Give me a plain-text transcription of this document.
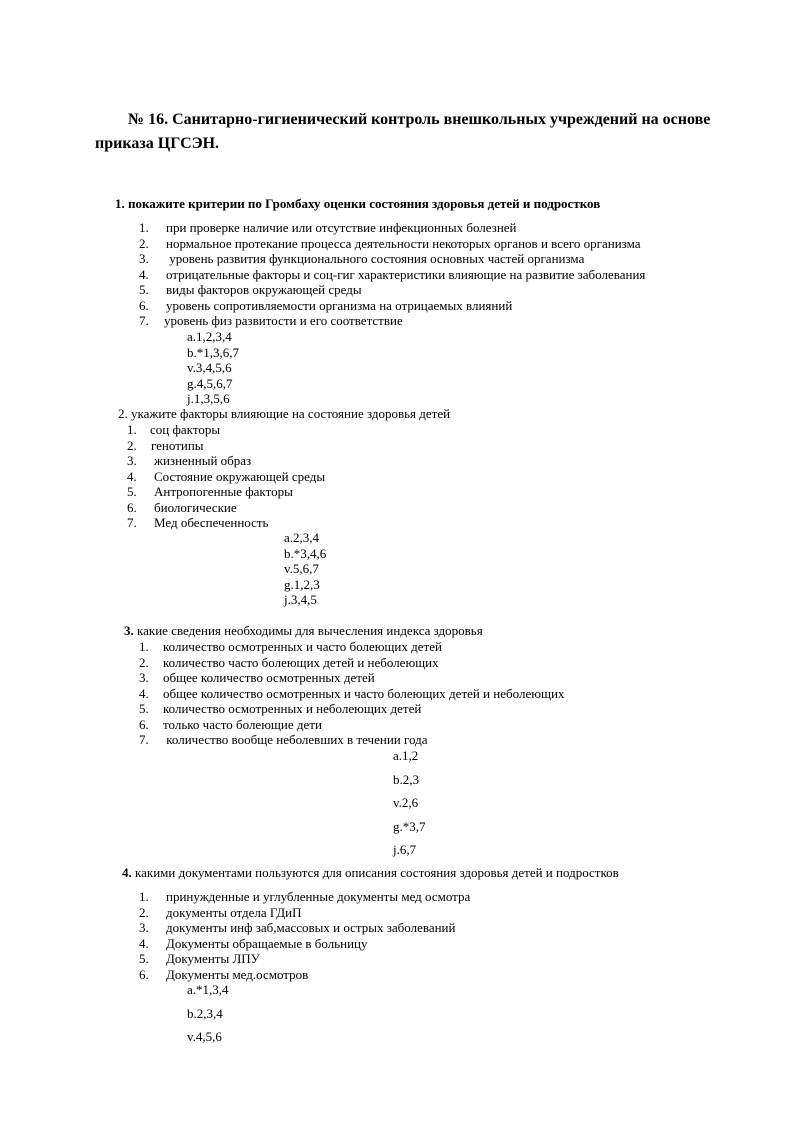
№ 16. Санитарно-гигиенический контроль внешкольных учреждений на основе приказа ЦГСЭН.
1. покажите критерии по Громбаху оценки состояния здоровья детей и подростков
1. при проверке наличие или отсутствие инфекционных болезней
2. нормальное протекание процесса деятельности некоторых органов и всего организма
3. уровень развития функционального состояния основных частей организма
4. отрицательные факторы и соц-гиг характеристики влияющие на развитие заболевания
5. виды факторов окружающей среды
6. уровень сопротивляемости организма на отрицаемых влияний
7. уровень физ развитости и его соответствие
a.1,2,3,4
b.*1,3,6,7
v.3,4,5,6
g.4,5,6,7
j.1,3,5,6
2. укажите факторы влияющие на состояние здоровья детей
1. соц факторы
2. генотипы
3. жизненный образ
4. Состояние окружающей среды
5. Антропогенные факторы
6. биологические
7. Мед обеспеченность
a.2,3,4
b.*3,4,6
v.5,6,7
g.1,2,3
j.3,4,5
3. какие сведения необходимы для вычесления индекса здоровья
1. количество осмотренных и часто болеющих детей
2. количество часто болеющих детей и неболеющих
3. общее количество осмотренных детей
4. общее количество осмотренных и часто болеющих детей и неболеющих
5. количество осмотренных и неболеющих детей
6. только часто болеющие дети
7. количество вообще неболевших в течении года
a.1,2
b.2,3
v.2,6
g.*3,7
j.6,7
4. какими документами пользуются для описания состояния здоровья детей и подростков
1. принужденные и углубленные документы мед осмотра
2. документы отдела ГДиП
3. документы инф заб,массовых и острых заболеваний
4. Документы обращаемые в больницу
5. Документы ЛПУ
6. Документы мед.осмотров
a.*1,3,4
b.2,3,4
v.4,5,6
